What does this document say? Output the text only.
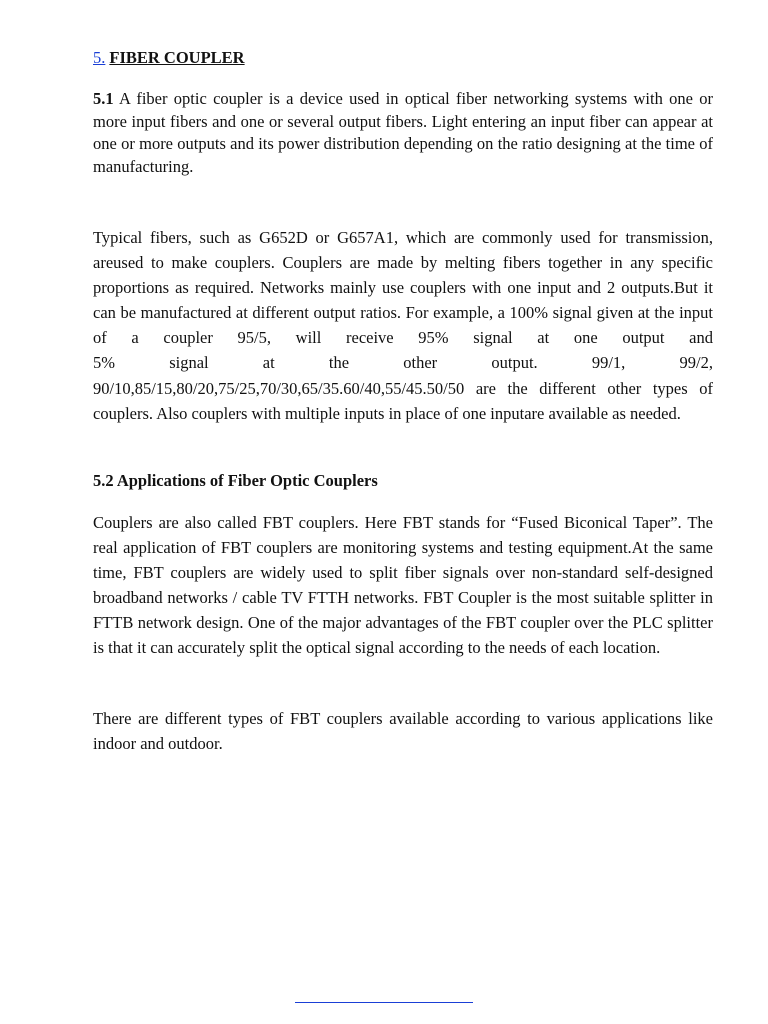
5. FIBER COUPLER

5.1 A fiber optic coupler is a device used in optical fiber networking systems with one or more input fibers and one or several output fibers. Light entering an input fiber can appear at one or more outputs and its power distribution depending on the ratio designing at the time of manufacturing.

Typical fibers, such as G652D or G657A1, which are commonly used for transmission, areused to make couplers. Couplers are made by melting fibers together in any specific proportions as required. Networks mainly use couplers with one input and 2 outputs.But it can be manufactured at different output ratios. For example, a 100% signal given at the input of a coupler 95/5, will receive 95% signal at one output and
5%	signal	at	the	other	output.	99/1,	99/2,
90/10,85/15,80/20,75/25,70/30,65/35.60/40,55/45.50/50 are the different other types of couplers. Also couplers with multiple inputs in place of one inputare available as needed.
5.2 Applications of Fiber Optic Couplers

Couplers are also called FBT couplers. Here FBT stands for “Fused Biconical Taper”. The real application of FBT couplers are monitoring systems and testing equipment.At the same time, FBT couplers are widely used to split fiber signals over non-standard self-designed broadband networks / cable TV FTTH networks. FBT Coupler is the most suitable splitter in FTTB network design. One of the major advantages of the FBT coupler over the PLC splitter is that it can accurately split the optical signal according to the needs of each location.

There are different types of FBT couplers available according to various applications like indoor and outdoor.
